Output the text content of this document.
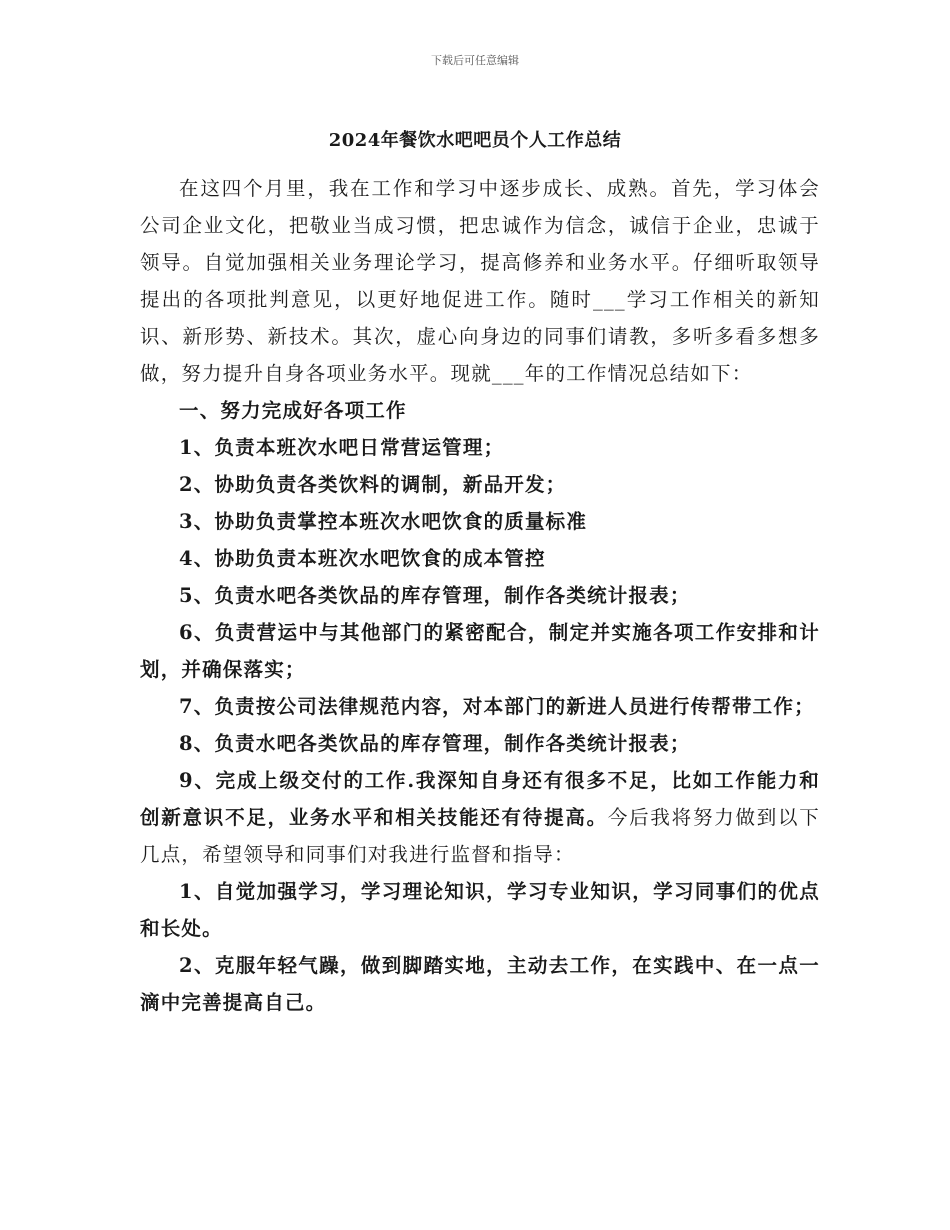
下载后可任意编辑
2024年餐饮水吧吧员个人工作总结

在这四个月里，我在工作和学习中逐步成长、成熟。首先，学习体会公司企业文化，把敬业当成习惯，把忠诚作为信念，诚信于企业，忠诚于领导。自觉加强相关业务理论学习，提高修养和业务水平。仔细听取领导提出的各项批判意见，以更好地促进工作。随时___学习工作相关的新知识、新形势、新技术。其次，虚心向身边的同事们请教，多听多看多想多做，努力提升自身各项业务水平。现就___年的工作情况总结如下：

一、努力完成好各项工作

1、负责本班次水吧日常营运管理；

2、协助负责各类饮料的调制，新品开发；

3、协助负责掌控本班次水吧饮食的质量标准

4、协助负责本班次水吧饮食的成本管控

5、负责水吧各类饮品的库存管理，制作各类统计报表；

6、负责营运中与其他部门的紧密配合，制定并实施各项工作安排和计划，并确保落实；

7、负责按公司法律规范内容，对本部门的新进人员进行传帮带工作；

8、负责水吧各类饮品的库存管理，制作各类统计报表；

9、完成上级交付的工作.我深知自身还有很多不足，比如工作能力和创新意识不足，业务水平和相关技能还有待提高。今后我将努力做到以下几点，希望领导和同事们对我进行监督和指导：

1、自觉加强学习，学习理论知识，学习专业知识，学习同事们的优点和长处。

2、克服年轻气躁，做到脚踏实地，主动去工作，在实践中、在一点一滴中完善提高自己。
